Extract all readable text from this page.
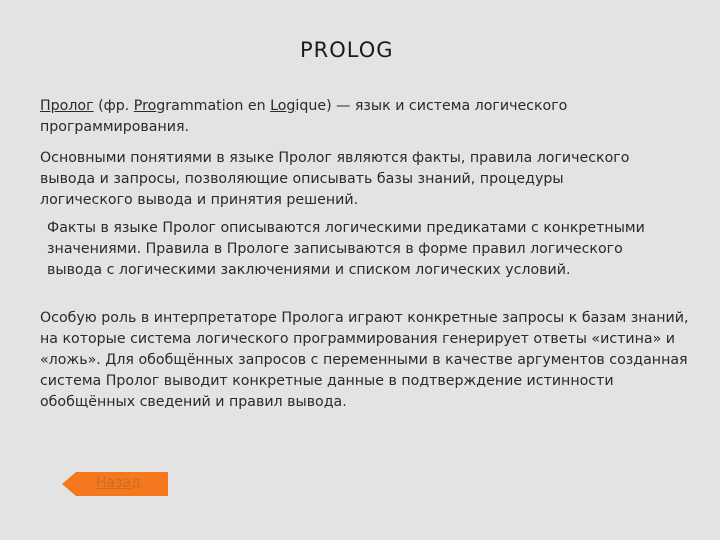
PROLOG

Пролог (фр. Programmation en Logique) — язык и система логического программирования.

Основными понятиями в языке Пролог являются факты, правила логического вывода и запросы, позволяющие описывать базы знаний, процедуры логического вывода и принятия решений.

Факты в языке Пролог описываются логическими предикатами с конкретными значениями. Правила в Прологе записываются в форме правил логического вывода с логическими заключениями и списком логических условий.

Особую роль в интерпретаторе Пролога играют конкретные запросы к базам знаний, на которые система логического программирования генерирует ответы «истина» и «ложь». Для обобщённых запросов с переменными в качестве аргументов созданная система Пролог выводит конкретные данные в подтверждение истинности обобщённых сведений и правил вывода.

Назад
